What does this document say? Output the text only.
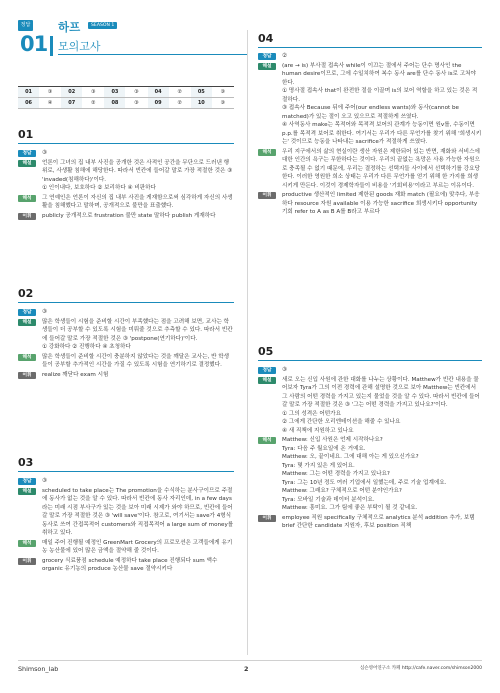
정답
01
하프	SEASON 1
모의고사
01	③	02	③	03	③	04	②	05	③
06	④	07	②	08	③	09	②	10	③
01
정답	③
해설	언론이 그녀의 집 내부 사진을 공개한 것은 사적인 공간을 무단으로 드러낸 행위로, 사생활 침해에 해당한다. 따라서 빈칸에 들어갈 말로 가장 적절한 것은 ③ 'invaded(침해하다)'이다.
① 인이내다, 보호하다 ② 보리하다 ④ 비판하다
해석	그 연예인은 언론이 자신의 집 내부 사진을 게재함으로써 심각하게 자신의 사생활을 침해했다고 말하며, 공개적으로 불만을 표출했다.
어휘	publicly 공개적으로 frustration 불만 state 말하다 publish 게재하다
02
정답	③
해설	많은 학생들이 시험을 준비할 시간이 부족했다는 점을 고려해 보면, 교사는 학생들이 더 공부할 수 있도록 시험을 미뤄줄 것으로 추측할 수 있다. 따라서 빈칸에 들어갈 말로 가장 적절한 것은 ③ 'postpone(연기하다)'이다.
① 강화하다 ② 진행하다 ④ 초청하다
해석	많은 학생들이 준비할 시간이 충분하지 않았다는 것을 깨달은 교사는, 반 학생들이 공부할 추가적인 시간을 가질 수 있도록 시험을 연기하기로 결정했다.
어휘	realize 깨닫다 exam 시험
03
정답	③
해설	scheduled to take place는 The promotion을 수식하는 분사구이므로 주절에 동사가 없는 것을 알 수 있다. 따라서 빈칸에 동사 자리인데, in a few days라는 미래 시점 부사구가 있는 것을 보아 미래 시제가 와야 하므로, 빈칸에 들어갈 말로 가장 적절한 것은 ③ 'will save'이다. 참고로, 여기서는 save가 4형식 동사로 쓰여 간접목적어 customers와 직접목적어 a large sum of money를 취하고 있다.
해석	매일 주어 진행될 예정인 GreenMart Grocery의 프로모션은 고객들에게 유기농 농산물에 있어 많은 금액을 절약해 줄 것이다.
어휘	grocery 식료품점 schedule 예정하다 take place 진행되다 sum 액수 organic 유기농의 produce 농산물 save 절약시키다
04
정답	②
해설	(are → is) 부사절 접속사 while이 이끄는 절에서 주어는 단수 명사인 the human desire이므로, 그에 수일치하여 복수 동사 are를 단수 동사 is로 고쳐야 한다.
① 명사절 접속사 that이 완전한 절을 이끌며 is의 보어 역할을 하고 있는 것은 적절하다.
③ 접속사 Because 뒤에 주어(our endless wants)와 동사(cannot be matched)가 있는 절이 오고 있으므로 적절하게 쓰였다.
④ 사역동사 make는 목적어와 목적격 보어의 관계가 능동이면 원v를, 수동이면 p.p.를 목적격 보어로 취한다. 여기서는 우리가 다른 무언가를 찾기 위해 '희생시키는' 것이므로 능동을 나타내는 sacrifice가 적절하게 쓰였다.
해석	우리 지구에서의 삶의 현실이란 생산 자원은 제한되어 있는 반면, 재화와 서비스에 대한 인간의 욕구는 무한하다는 것이다. 우리의 끝없는 욕망은 사용 가능한 자원으로 충족될 수 없기 때문에, 우리는 결정하는 선택지들 사이에서 선택하기를 강요당한다. 이러한 영원한 희소 상태는 우리가 다른 무언가를 얻기 위해 한 가지를 희생시키게 만든다. 이것이 경제학자들이 비용을 '기회비용'이라고 부르는 이유이다.
어휘	productive 생산적인 limited 제한된 goods 재화 match (필요에) 맞추다, 부응하다 resource 자원 available 이용 가능한 sacrifice 희생시키다 opportunity 기회 refer to A as B A를 B라고 부르다
05
정답	③
해설	새로 오는 신입 사원에 관한 대화를 나누는 상황이다. Matthew가 빈칸 내용을 물어보자 Tyra가 그의 이전 경력에 관해 설명한 것으로 보아 Matthew는 빈칸에서 그 사람의 어떤 경력을 가지고 있는지 물었을 것을 알 수 있다. 따라서 빈칸에 들어갈 말로 가장 적절한 것은 ③ '그는 어떤 경력을 가지고 있나요?'이다.
① 그의 성격은 어떤가요
② 그에게 간단한 오리엔테이션을 해줄 수 있나요
④ 새 직책에 지원하고 있나요
해석	Matthew: 신입 사원은 언제 시작하나요?
Tyra: 다음 주 월요일에 온 거예요.
Matthew: 오, 끝이네요. 그에 대해 아는 게 있으신가요?
Tyra: 몇 가지 있은 게 있어요.
Matthew: 그는 어떤 경력을 가지고 있나요?
Tyra: 그는 10년 정도 여러 기업에서 일했는데, 주로 기술 업계에요.
Matthew: 그래요? 구체적으로 어떤 분야인가요?
Tyra: 모바일 기술과 데이터 분석이요.
Matthew: 흥미요. 그가 팀에 좋은 부탁이 될 것 같네요.
어휘	employee 직원 specifically 구체적으로 analytics 분석 addition 추가, 보탬 brief 간단한 candidate 지원자, 후보 position 직책
Shimson_lab	2	심슨영어연구소 카페 http://cafe.naver.com/shimson2000
